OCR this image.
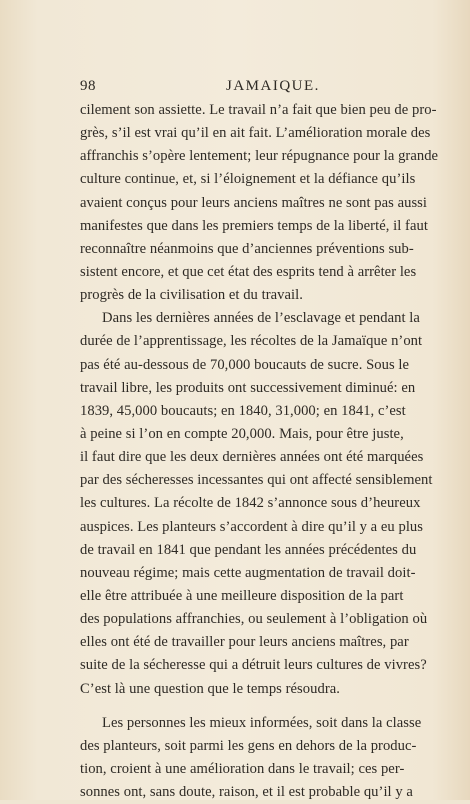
98	JAMAIQUE.
cilement son assiette. Le travail n’a fait que bien peu de pro-
grès, s’il est vrai qu’il en ait fait. L’amélioration morale des
affranchis s’opère lentement; leur répugnance pour la grande
culture continue, et, si l’éloignement et la défiance qu’ils
avaient conçus pour leurs anciens maîtres ne sont pas aussi
manifestes que dans les premiers temps de la liberté, il faut
reconnaître néanmoins que d’anciennes préventions sub-
sistent encore, et que cet état des esprits tend à arrêter les
progrès de la civilisation et du travail.
Dans les dernières années de l’esclavage et pendant la
durée de l’apprentissage, les récoltes de la Jamaïque n’ont
pas été au-dessous de 70,000 boucauts de sucre. Sous le
travail libre, les produits ont successivement diminué: en
1839, 45,000 boucauts; en 1840, 31,000; en 1841, c’est
à peine si l’on en compte 20,000. Mais, pour être juste,
il faut dire que les deux dernières années ont été marquées
par des sécheresses incessantes qui ont affecté sensiblement
les cultures. La récolte de 1842 s’annonce sous d’heureux
auspices. Les planteurs s’accordent à dire qu’il y a eu plus
de travail en 1841 que pendant les années précédentes du
nouveau régime; mais cette augmentation de travail doit-
elle être attribuée à une meilleure disposition de la part
des populations affranchies, ou seulement à l’obligation où
elles ont été de travailler pour leurs anciens maîtres, par
suite de la sécheresse qui a détruit leurs cultures de vivres?
C’est là une question que le temps résoudra.
Les personnes les mieux informées, soit dans la classe
des planteurs, soit parmi les gens en dehors de la produc-
tion, croient à une amélioration dans le travail; ces per-
sonnes ont, sans doute, raison, et il est probable qu’il y a
